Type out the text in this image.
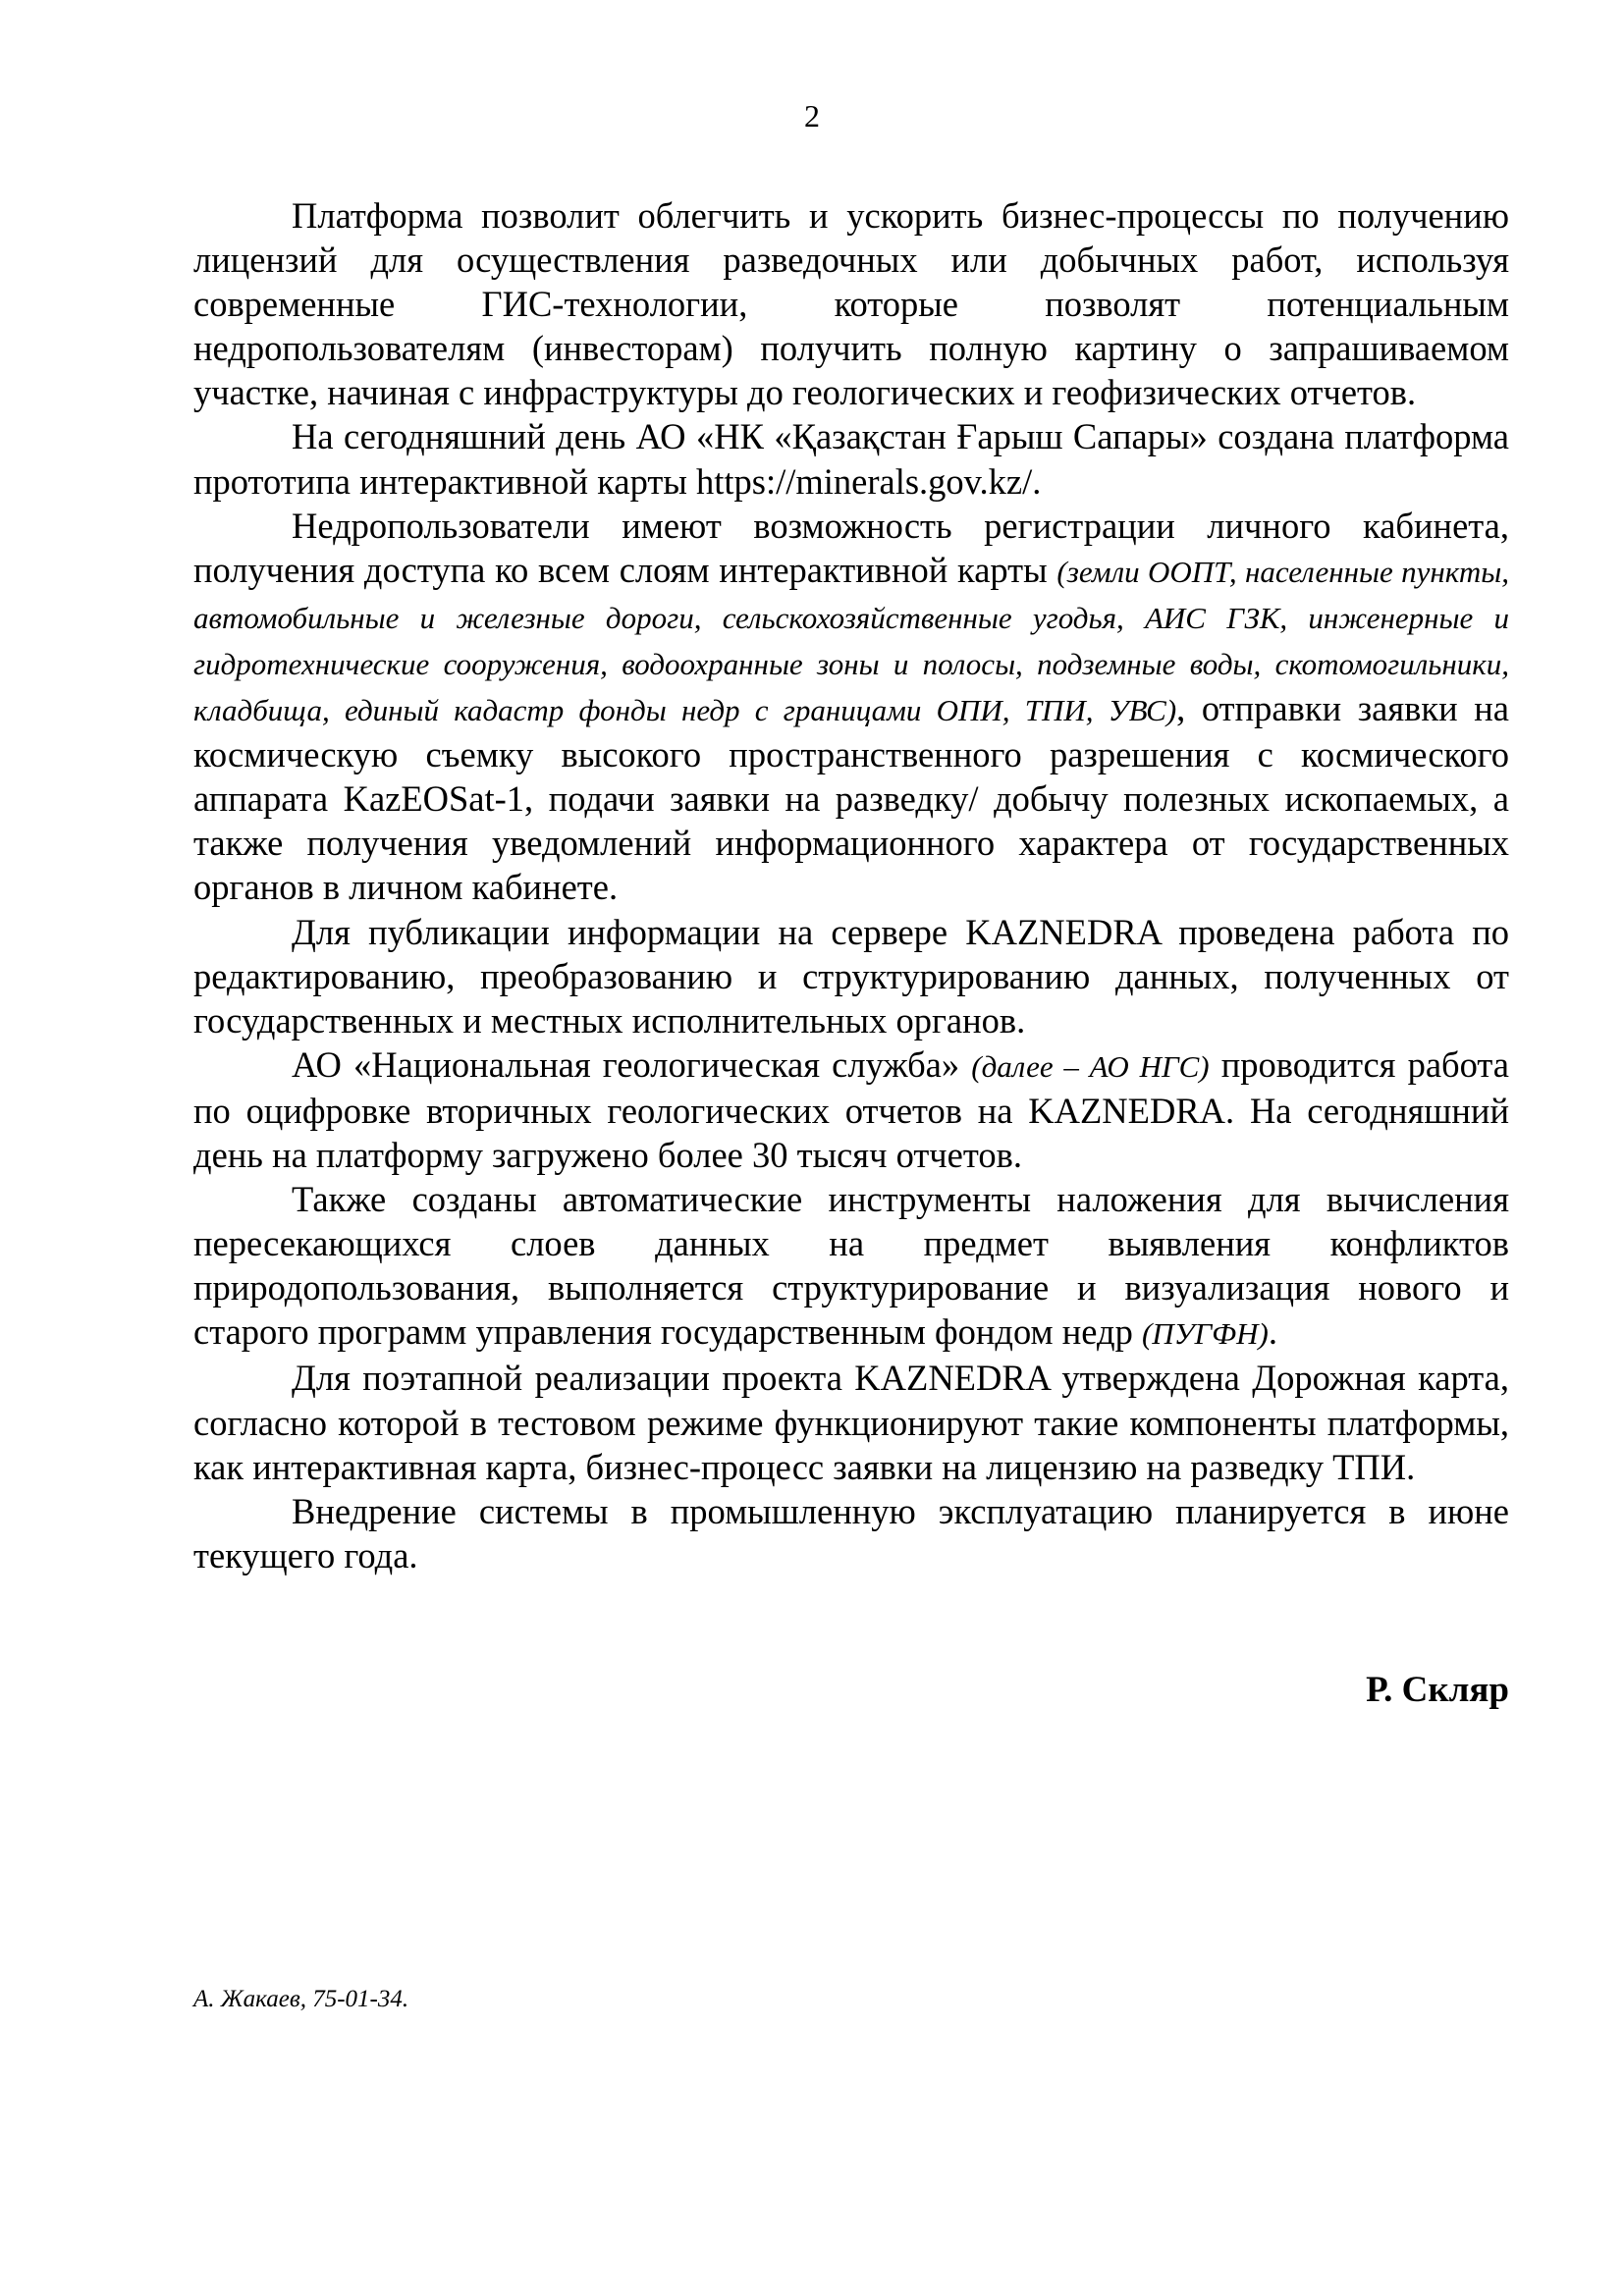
2

Платформа позволит облегчить и ускорить бизнес-процессы по получению лицензий для осуществления разведочных или добычных работ, используя современные ГИС-технологии, которые позволят потенциальным недропользователям (инвесторам) получить полную картину о запрашиваемом участке, начиная с инфраструктуры до геологических и геофизических отчетов.

На сегодняшний день АО «НК «Қазақстан Ғарыш Сапары» создана платформа прототипа интерактивной карты https://minerals.gov.kz/.

Недропользователи имеют возможность регистрации личного кабинета, получения доступа ко всем слоям интерактивной карты (земли ООПТ, населенные пункты, автомобильные и железные дороги, сельскохозяйственные угодья, АИС ГЗК, инженерные и гидротехнические сооружения, водоохранные зоны и полосы, подземные воды, скотомогильники, кладбища, единый кадастр фонды недр с границами ОПИ, ТПИ, УВС), отправки заявки на космическую съемку высокого пространственного разрешения с космического аппарата KazEOSat-1, подачи заявки на разведку/ добычу полезных ископаемых, а также получения уведомлений информационного характера от государственных органов в личном кабинете.

Для публикации информации на сервере KAZNEDRA проведена работа по редактированию, преобразованию и структурированию данных, полученных от государственных и местных исполнительных органов.

АО «Национальная геологическая служба» (далее – АО НГС) проводится работа по оцифровке вторичных геологических отчетов на KAZNEDRA. На сегодняшний день на платформу загружено более 30 тысяч отчетов.

Также созданы автоматические инструменты наложения для вычисления пересекающихся слоев данных на предмет выявления конфликтов природопользования, выполняется структурирование и визуализация нового и старого программ управления государственным фондом недр (ПУГФН).

Для поэтапной реализации проекта KAZNEDRA утверждена Дорожная карта, согласно которой в тестовом режиме функционируют такие компоненты платформы, как интерактивная карта, бизнес-процесс заявки на лицензию на разведку ТПИ.

Внедрение системы в промышленную эксплуатацию планируется в июне текущего года.

Р. Скляр
А. Жакаев, 75-01-34.
